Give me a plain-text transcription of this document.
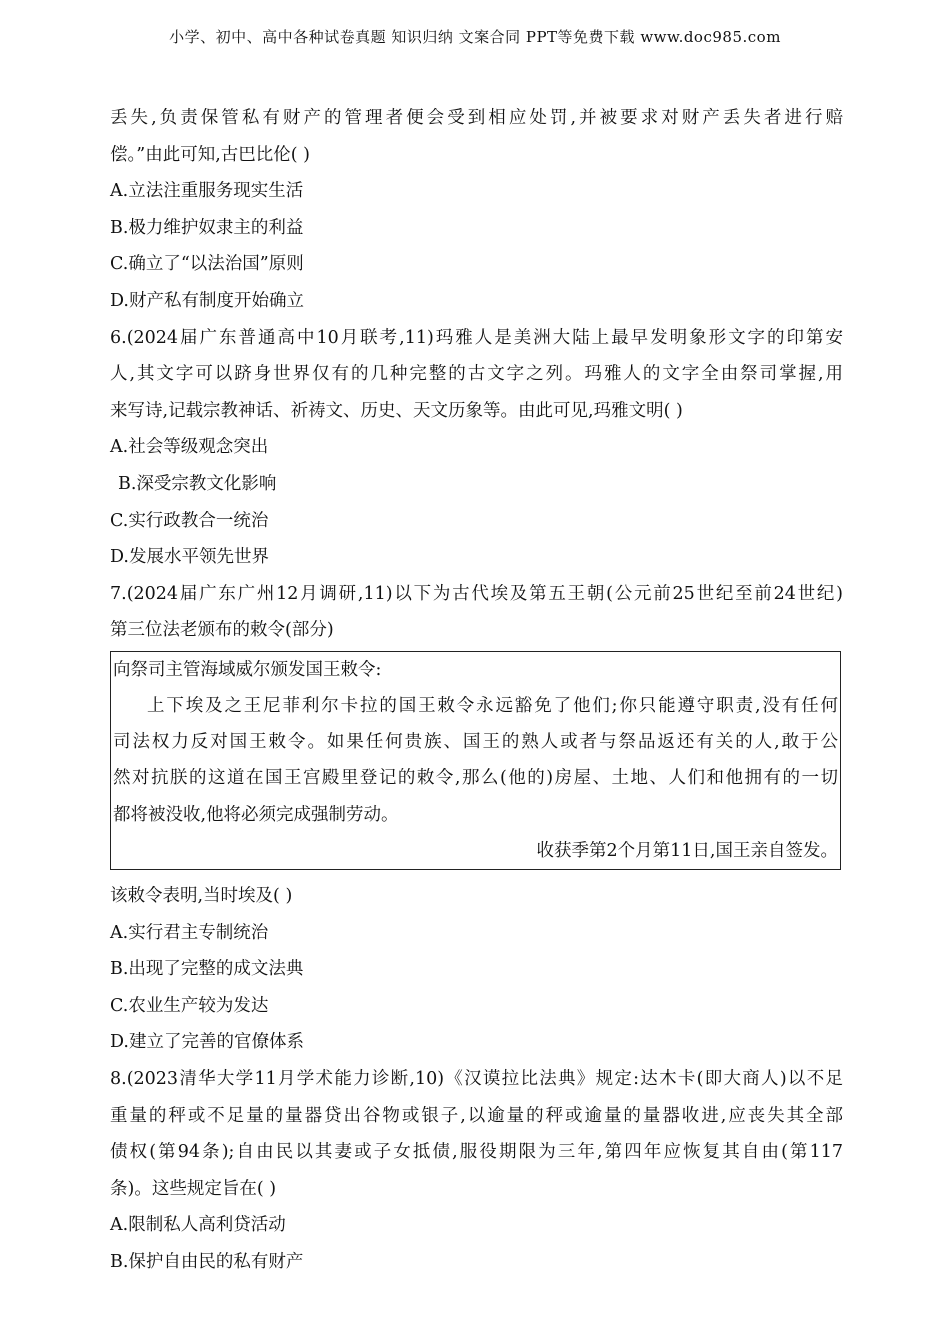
小学、初中、高中各种试卷真题 知识归纳 文案合同 PPT等免费下载 www.doc985.com
丢失,负责保管私有财产的管理者便会受到相应处罚,并被要求对财产丢失者进行赔
偿。”由此可知,古巴比伦( )
A.立法注重服务现实生活
B.极力维护奴隶主的利益
C.确立了“以法治国”原则
D.财产私有制度开始确立
6.(2024届广东普通高中10月联考,11)玛雅人是美洲大陆上最早发明象形文字的印第安
人,其文字可以跻身世界仅有的几种完整的古文字之列。玛雅人的文字全由祭司掌握,用
来写诗,记载宗教神话、祈祷文、历史、天文历象等。由此可见,玛雅文明( )
A.社会等级观念突出
B.深受宗教文化影响
C.实行政教合一统治
D.发展水平领先世界
7.(2024届广东广州12月调研,11)以下为古代埃及第五王朝(公元前25世纪至前24世纪)
第三位法老颁布的敕令(部分)
向祭司主管海域威尔颁发国王敕令:
上下埃及之王尼菲利尔卡拉的国王敕令永远豁免了他们;你只能遵守职责,没有任何
司法权力反对国王敕令。如果任何贵族、国王的熟人或者与祭品返还有关的人,敢于公
然对抗朕的这道在国王宫殿里登记的敕令,那么(他的)房屋、土地、人们和他拥有的一切
都将被没收,他将必须完成强制劳动。
收获季第2个月第11日,国王亲自签发。
该敕令表明,当时埃及( )
A.实行君主专制统治
B.出现了完整的成文法典
C.农业生产较为发达
D.建立了完善的官僚体系
8.(2023清华大学11月学术能力诊断,10)《汉谟拉比法典》规定:达木卡(即大商人)以不足
重量的秤或不足量的量器贷出谷物或银子,以逾量的秤或逾量的量器收进,应丧失其全部
债权(第94条);自由民以其妻或子女抵债,服役期限为三年,第四年应恢复其自由(第117
条)。这些规定旨在( )
A.限制私人高利贷活动
B.保护自由民的私有财产
